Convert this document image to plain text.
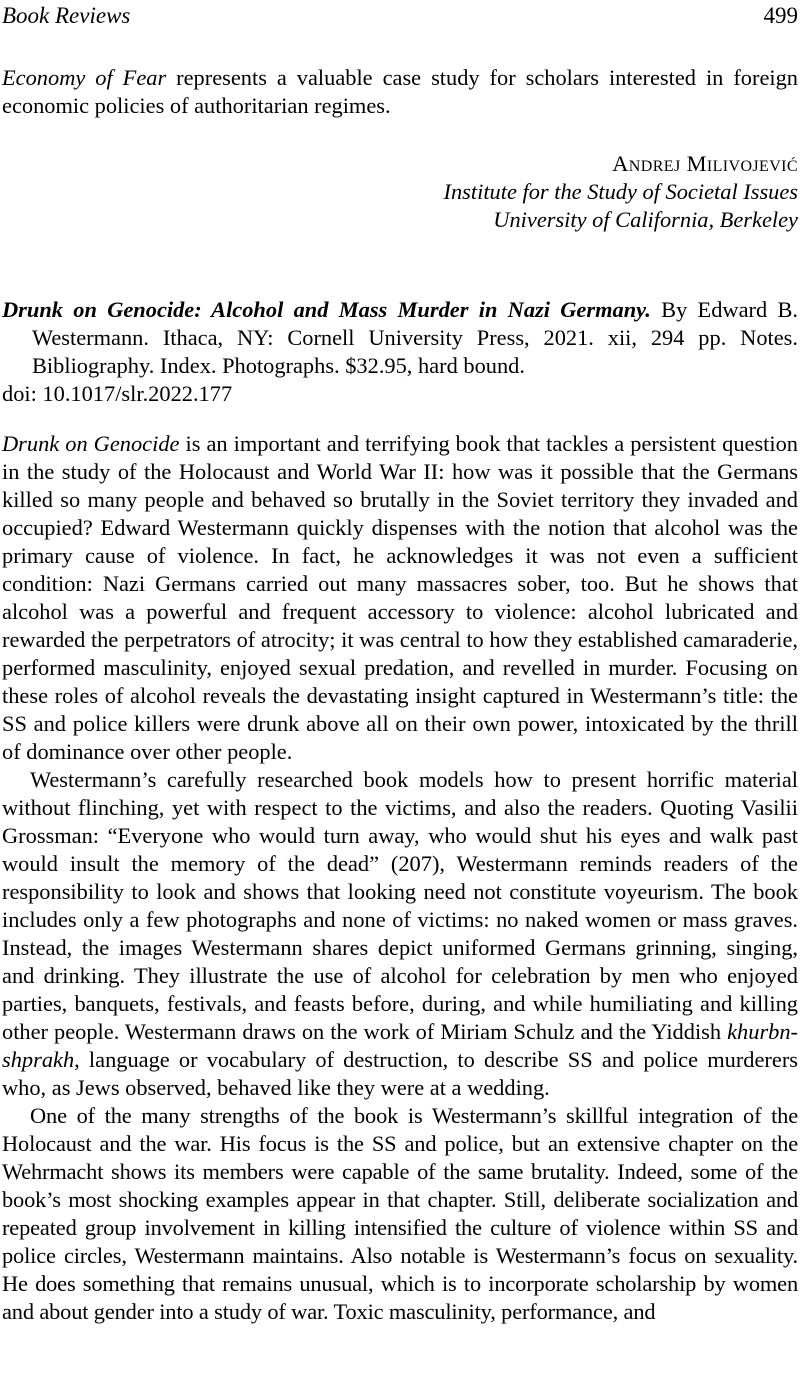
Book Reviews	499

Economy of Fear represents a valuable case study for scholars interested in foreign economic policies of authoritarian regimes.

Andrej Milivojević
Institute for the Study of Societal Issues
University of California, Berkeley
Drunk on Genocide: Alcohol and Mass Murder in Nazi Germany. By Edward B. Westermann. Ithaca, NY: Cornell University Press, 2021. xii, 294 pp. Notes. Bibliography. Index. Photographs. $32.95, hard bound.
doi: 10.1017/slr.2022.177

Drunk on Genocide is an important and terrifying book that tackles a persistent question in the study of the Holocaust and World War II: how was it possible that the Germans killed so many people and behaved so brutally in the Soviet territory they invaded and occupied? Edward Westermann quickly dispenses with the notion that alcohol was the primary cause of violence. In fact, he acknowledges it was not even a sufficient condition: Nazi Germans carried out many massacres sober, too. But he shows that alcohol was a powerful and frequent accessory to violence: alcohol lubricated and rewarded the perpetrators of atrocity; it was central to how they established camaraderie, performed masculinity, enjoyed sexual predation, and revelled in murder. Focusing on these roles of alcohol reveals the devastating insight captured in Westermann’s title: the SS and police killers were drunk above all on their own power, intoxicated by the thrill of dominance over other people.

Westermann’s carefully researched book models how to present horrific material without flinching, yet with respect to the victims, and also the readers. Quoting Vasilii Grossman: “Everyone who would turn away, who would shut his eyes and walk past would insult the memory of the dead” (207), Westermann reminds readers of the responsibility to look and shows that looking need not constitute voyeurism. The book includes only a few photographs and none of victims: no naked women or mass graves. Instead, the images Westermann shares depict uniformed Germans grinning, singing, and drinking. They illustrate the use of alcohol for celebration by men who enjoyed parties, banquets, festivals, and feasts before, during, and while humiliating and killing other people. Westermann draws on the work of Miriam Schulz and the Yiddish khurbn-shprakh, language or vocabulary of destruction, to describe SS and police murderers who, as Jews observed, behaved like they were at a wedding.

One of the many strengths of the book is Westermann’s skillful integration of the Holocaust and the war. His focus is the SS and police, but an extensive chapter on the Wehrmacht shows its members were capable of the same brutality. Indeed, some of the book’s most shocking examples appear in that chapter. Still, deliberate socialization and repeated group involvement in killing intensified the culture of violence within SS and police circles, Westermann maintains. Also notable is Westermann’s focus on sexuality. He does something that remains unusual, which is to incorporate scholarship by women and about gender into a study of war. Toxic masculinity, performance, and
